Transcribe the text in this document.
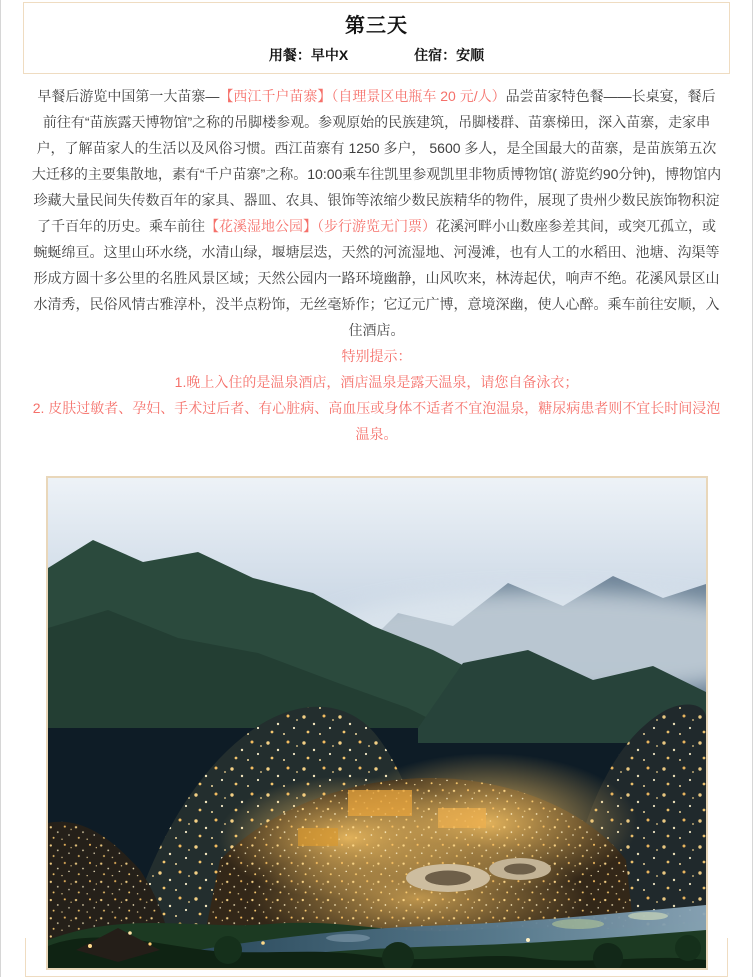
第三天
用餐：早中X	住宿：安顺
早餐后游览中国第一大苗寨—【西江千户苗寨】（自理景区电瓶车 20 元/人）品尝苗家特色餐——长桌宴，餐后前往有“苗族露天博物馆”之称的吊脚楼参观。参观原始的民族建筑，吊脚楼群、苗寨梯田，深入苗寨，走家串户，了解苗家人的生活以及风俗习惯。西江苗寨有 1250 多户， 5600 多人，是全国最大的苗寨，是苗族第五次大迁移的主要集散地，素有“千户苗寨”之称。10:00乘车往凯里参观凯里非物质博物馆( 游览约90分钟)，博物馆内珍藏大量民间失传数百年的家具、器皿、农具、银饰等浓缩少数民族精华的物件，展现了贵州少数民族饰物积淀了千百年的历史。乘车前往【花溪湿地公园】（步行游览无门票）花溪河畔小山数座参差其间，或突兀孤立，或蜿蜒绵亘。这里山环水绕，水清山绿，堰塘层迭，天然的河流湿地、河漫滩，也有人工的水稻田、池塘、沟渠等形成方圆十多公里的名胜风景区域；天然公园内一路环境幽静，山风吹来，林涛起伏，响声不绝。花溪风景区山水清秀，民俗风情古雅淳朴，没半点粉饰，无丝毫矫作；它辽元广博，意境深幽，使人心醉。乘车前往安顺，入住酒店。
特别提示：
1.晚上入住的是温泉酒店，酒店温泉是露天温泉，请您自备泳衣；
2. 皮肤过敏者、孕妇、手术过后者、有心脏病、高血压或身体不适者不宜泡温泉，糖尿病患者则不宜长时间浸泡温泉。
